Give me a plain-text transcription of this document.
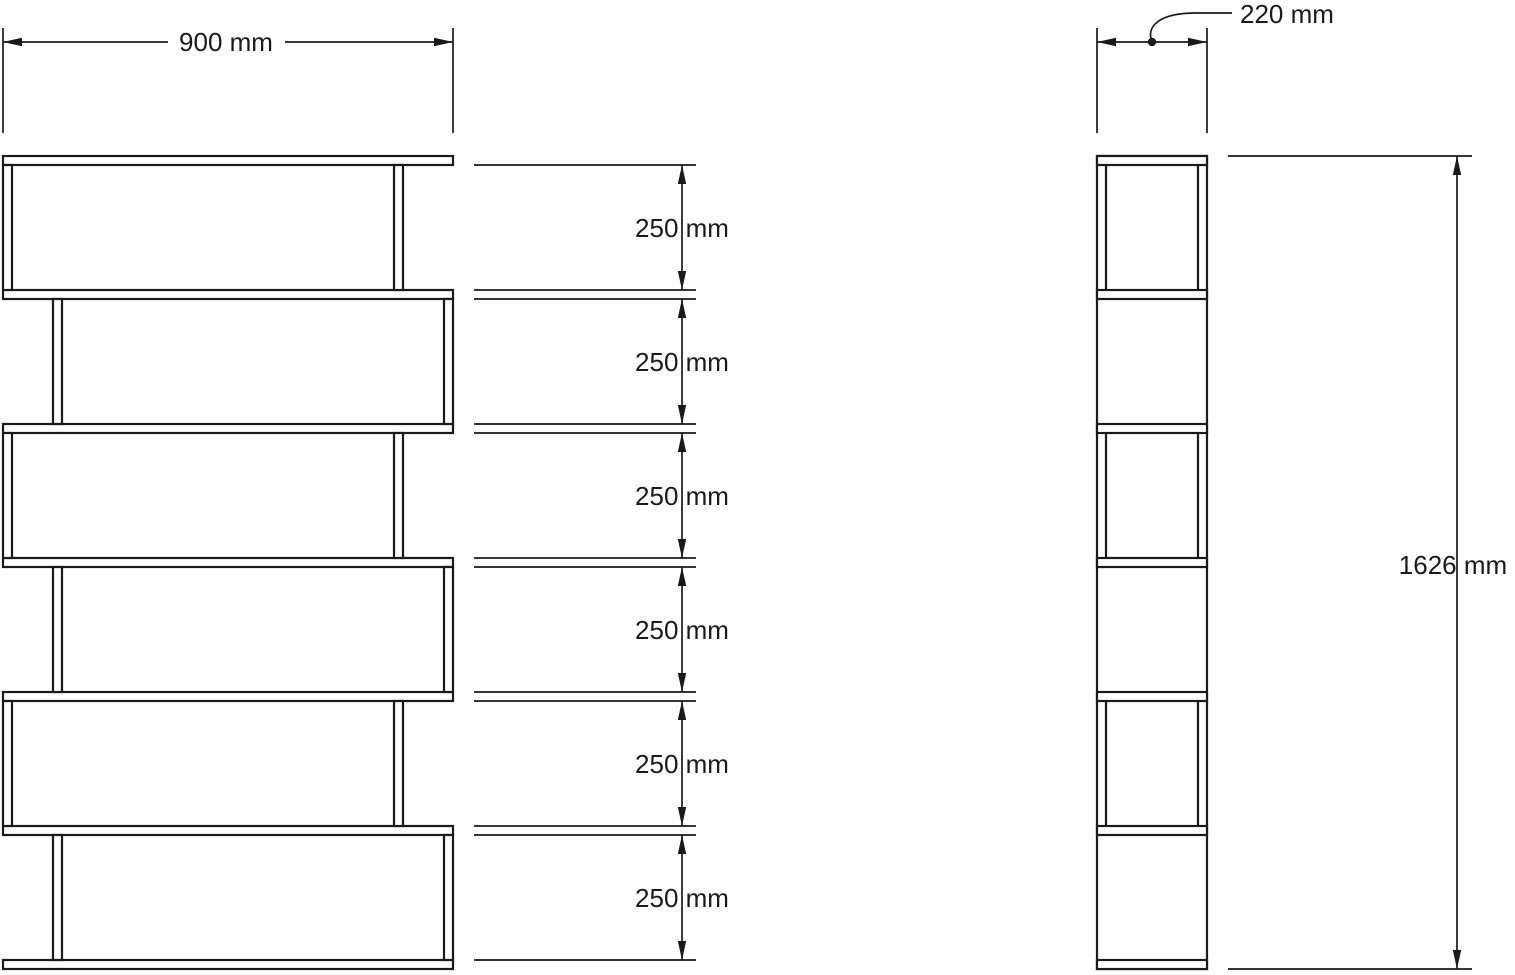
900 mm
220 mm
250 mm
250 mm
250 mm
250 mm
250 mm
250 mm
1626 mm
